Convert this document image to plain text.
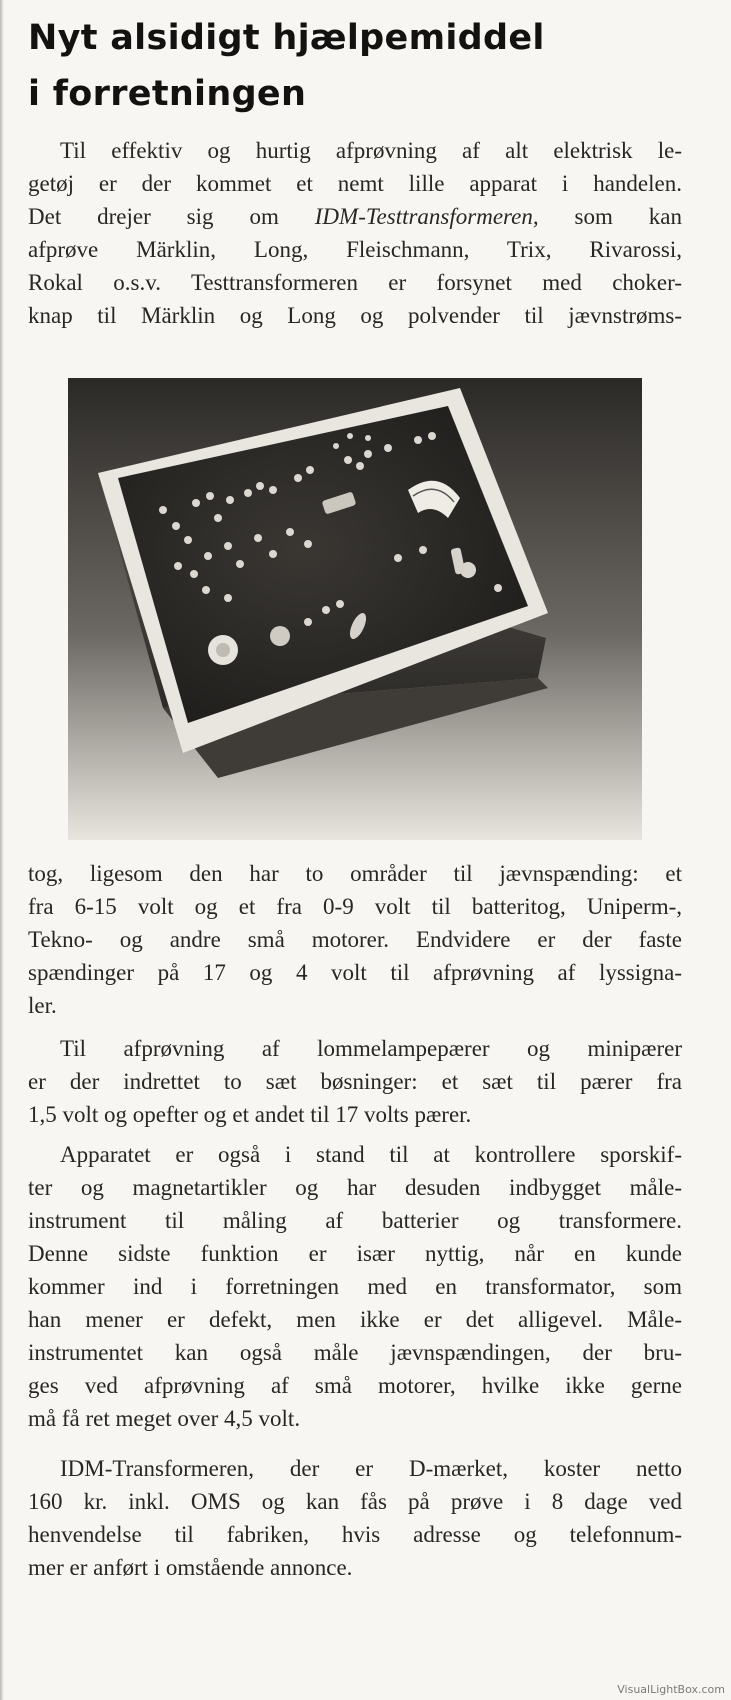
Nyt alsidigt hjælpemiddel
i forretningen
Til effektiv og hurtig afprøvning af alt elektrisk le-
getøj er der kommet et nemt lille apparat i handelen.
Det drejer sig om IDM-Testtransformeren, som kan
afprøve Märklin, Long, Fleischmann, Trix, Rivarossi,
Rokal o.s.v. Testtransformeren er forsynet med choker-
knap til Märklin og Long og polvender til jævnstrøms-
tog, ligesom den har to områder til jævnspænding: et
fra 6-15 volt og et fra 0-9 volt til batteritog, Uniperm-,
Tekno- og andre små motorer. Endvidere er der faste
spændinger på 17 og 4 volt til afprøvning af lyssigna-
ler.
Til afprøvning af lommelampepærer og minipærer
er der indrettet to sæt bøsninger: et sæt til pærer fra
1,5 volt og opefter og et andet til 17 volts pærer.
Apparatet er også i stand til at kontrollere sporskif-
ter og magnetartikler og har desuden indbygget måle-
instrument til måling af batterier og transformere.
Denne sidste funktion er især nyttig, når en kunde
kommer ind i forretningen med en transformator, som
han mener er defekt, men ikke er det alligevel. Måle-
instrumentet kan også måle jævnspændingen, der bru-
ges ved afprøvning af små motorer, hvilke ikke gerne
må få ret meget over 4,5 volt.
IDM-Transformeren, der er D-mærket, koster netto
160 kr. inkl. OMS og kan fås på prøve i 8 dage ved
henvendelse til fabriken, hvis adresse og telefonnum-
mer er anført i omstående annonce.
VisualLightBox.com
